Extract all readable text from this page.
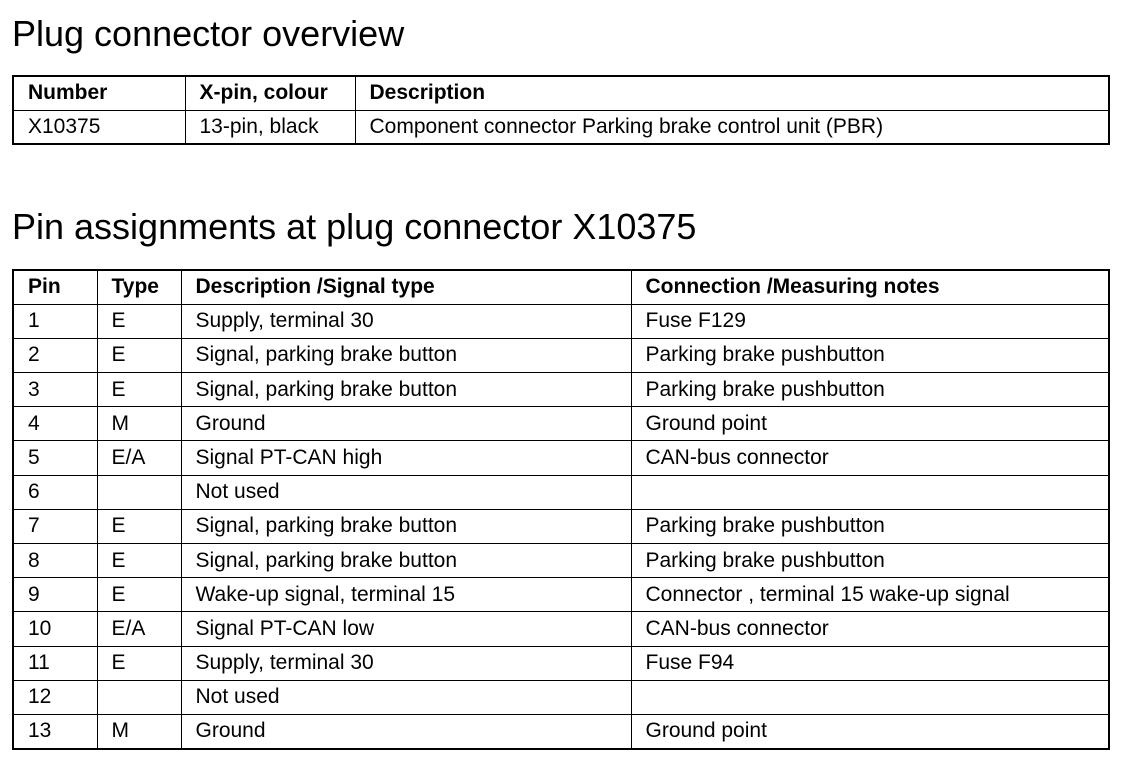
Plug connector overview
Number	X-pin, colour	Description
X10375	13-pin, black	Component connector Parking brake control unit (PBR)
Pin assignments at plug connector X10375
Pin	Type	Description /Signal type	Connection /Measuring notes
1	E	Supply, terminal 30	Fuse F129
2	E	Signal, parking brake button	Parking brake pushbutton
3	E	Signal, parking brake button	Parking brake pushbutton
4	M	Ground	Ground point
5	E/A	Signal PT-CAN high	CAN-bus connector
6		Not used	
7	E	Signal, parking brake button	Parking brake pushbutton
8	E	Signal, parking brake button	Parking brake pushbutton
9	E	Wake-up signal, terminal 15	Connector , terminal 15 wake-up signal
10	E/A	Signal PT-CAN low	CAN-bus connector
11	E	Supply, terminal 30	Fuse F94
12		Not used	
13	M	Ground	Ground point
